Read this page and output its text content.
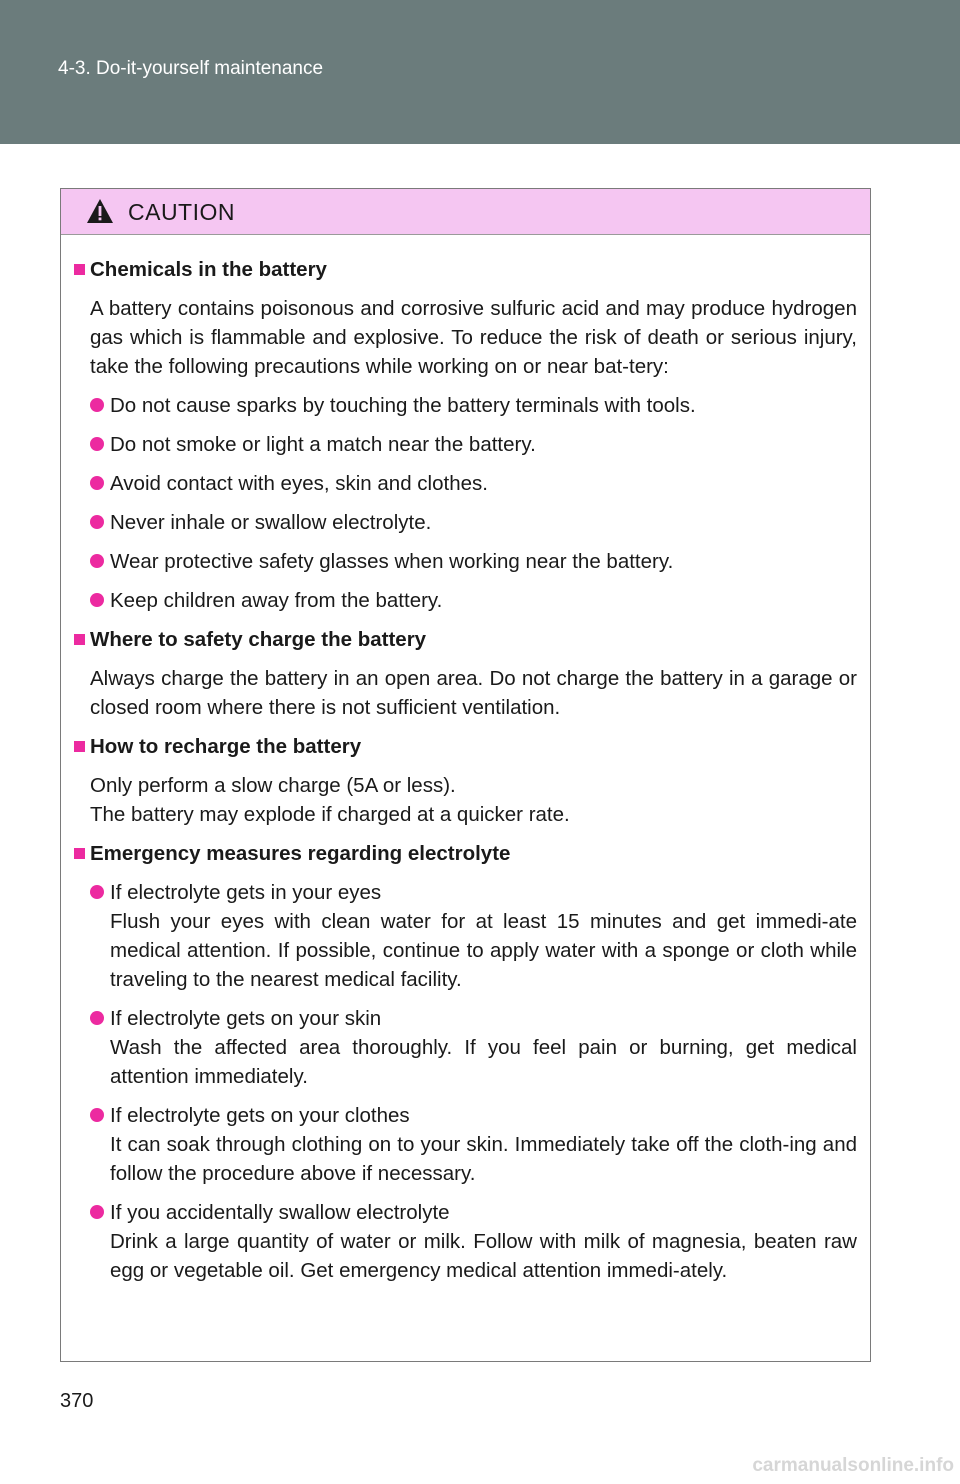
4-3. Do-it-yourself maintenance
CAUTION
Chemicals in the battery
A battery contains poisonous and corrosive sulfuric acid and may produce hydrogen gas which is flammable and explosive. To reduce the risk of death or serious injury, take the following precautions while working on or near bat-tery:
Do not cause sparks by touching the battery terminals with tools.
Do not smoke or light a match near the battery.
Avoid contact with eyes, skin and clothes.
Never inhale or swallow electrolyte.
Wear protective safety glasses when working near the battery.
Keep children away from the battery.
Where to safety charge the battery
Always charge the battery in an open area. Do not charge the battery in a garage or closed room where there is not sufficient ventilation.
How to recharge the battery
Only perform a slow charge (5A or less).
The battery may explode if charged at a quicker rate.
Emergency measures regarding electrolyte
If electrolyte gets in your eyes
Flush your eyes with clean water for at least 15 minutes and get immedi-ate medical attention. If possible, continue to apply water with a sponge or cloth while traveling to the nearest medical facility.
If electrolyte gets on your skin
Wash the affected area thoroughly. If you feel pain or burning, get medical attention immediately.
If electrolyte gets on your clothes
It can soak through clothing on to your skin. Immediately take off the cloth-ing and follow the procedure above if necessary.
If you accidentally swallow electrolyte
Drink a large quantity of water or milk. Follow with milk of magnesia, beaten raw egg or vegetable oil. Get emergency medical attention immedi-ately.
370
carmanualsonline.info
